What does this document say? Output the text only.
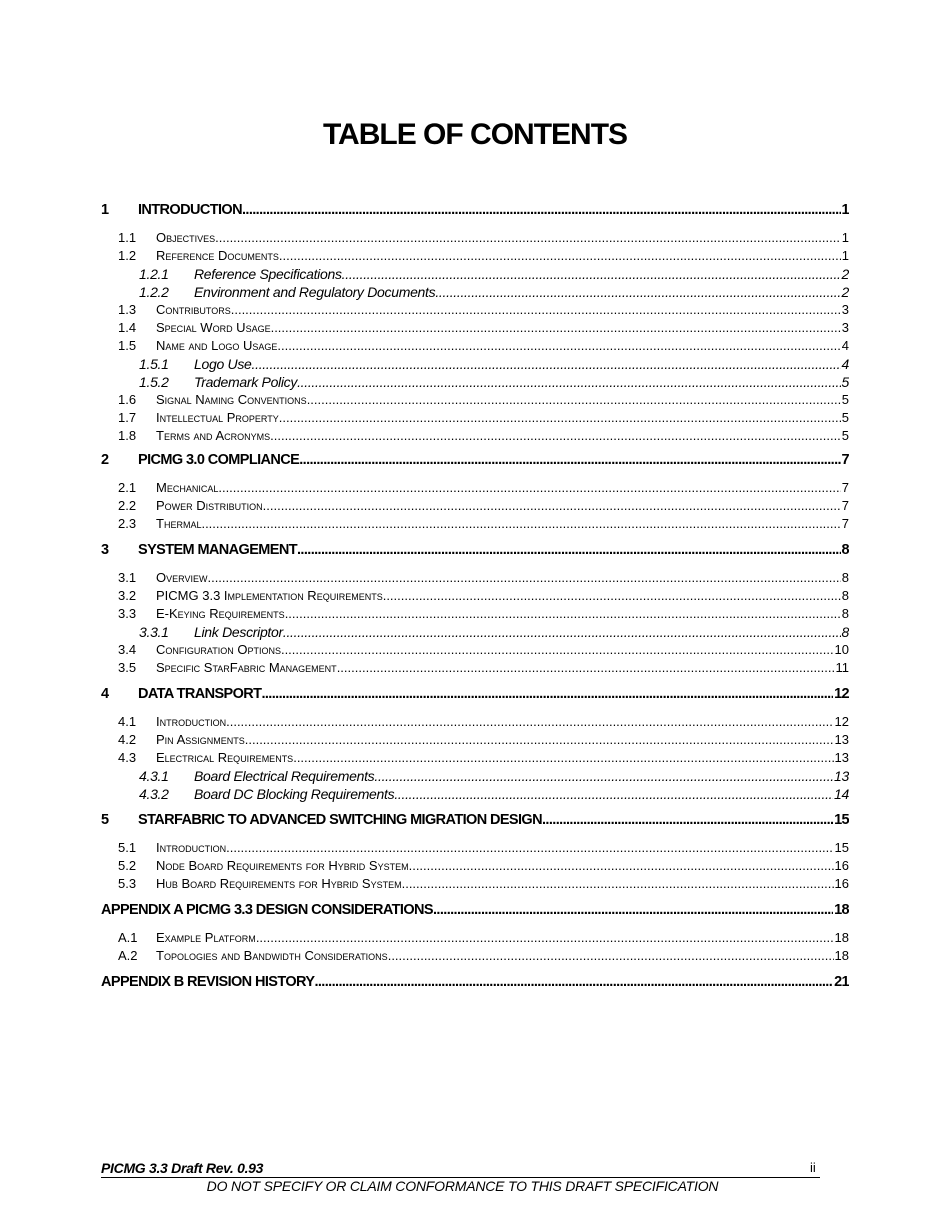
TABLE OF CONTENTS
1	INTRODUCTION .....	1
1.1	Objectives .....	1
1.2	Reference Documents .....	1
1.2.1	Reference Specifications .....	2
1.2.2	Environment and Regulatory Documents .....	2
1.3	Contributors .....	3
1.4	Special Word Usage .....	3
1.5	Name and Logo Usage .....	4
1.5.1	Logo Use .....	4
1.5.2	Trademark Policy .....	5
1.6	Signal Naming Conventions .....	5
1.7	Intellectual Property .....	5
1.8	Terms and Acronyms .....	5
2	PICMG 3.0 COMPLIANCE .....	7
2.1	Mechanical .....	7
2.2	Power Distribution .....	7
2.3	Thermal .....	7
3	SYSTEM MANAGEMENT .....	8
3.1	Overview .....	8
3.2	PICMG 3.3 Implementation Requirements .....	8
3.3	E-Keying Requirements .....	8
3.3.1	Link Descriptor .....	8
3.4	Configuration Options .....	10
3.5	Specific StarFabric Management .....	11
4	DATA TRANSPORT .....	12
4.1	Introduction .....	12
4.2	Pin Assignments .....	13
4.3	Electrical Requirements .....	13
4.3.1	Board Electrical Requirements .....	13
4.3.2	Board DC Blocking Requirements .....	14
5	STARFABRIC TO ADVANCED SWITCHING MIGRATION DESIGN .....	15
5.1	Introduction .....	15
5.2	Node Board Requirements for Hybrid System .....	16
5.3	Hub Board Requirements for Hybrid System .....	16
APPENDIX A PICMG 3.3 DESIGN CONSIDERATIONS .....	18
A.1	Example Platform .....	18
A.2	Topologies and Bandwidth Considerations .....	18
APPENDIX B REVISION HISTORY .....	21
PICMG 3.3 Draft Rev. 0.93	ii
DO NOT SPECIFY OR CLAIM CONFORMANCE TO THIS DRAFT SPECIFICATION
